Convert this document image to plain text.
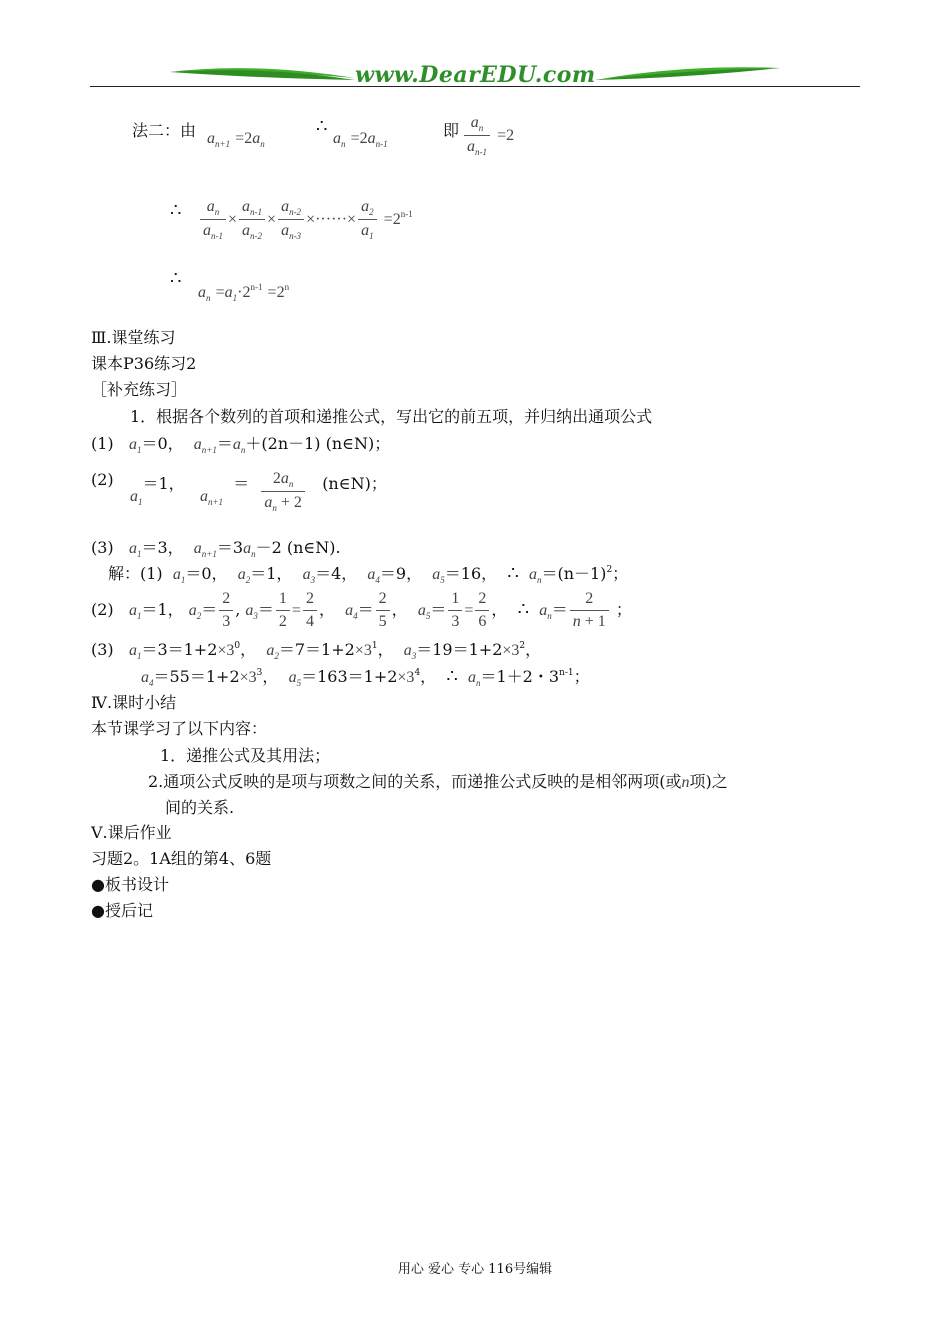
www.DearEDU.com
法二：由 $a_{n+1} =2a_n$
∴
$a_n =2a_{n-1}$
即 $\frac{a_n}{a_{n-1}} =2$
∴ $\frac{a_n}{a_{n-1}} \times \frac{a_{n-1}}{a_{n-2}} \times \frac{a_{n-2}}{a_{n-3}}$ ×······× $\frac{a_2}{a_1} =2^{n-1}$
∴
$a_n =a_1\cdot 2^{n-1} =2^n$
Ⅲ.课堂练习
课本P36练习2
［补充练习］
1．根据各个数列的首项和递推公式，写出它的前五项，并归纳出通项公式
(1) $a_1=0$， $a_{n+1}=a_n+(2n-1)$ (n∈N)；
(2)
$a_1=1$，   $a_{n+1} = \frac{2a_n}{a_n + 2}$ (n∈N)；
(3) $a_1=3$， $a_{n+1}=3a_n-2$ (n∈N).
解：(1) $a_1=0$， $a_2=1$， $a_3=4$， $a_4=9$， $a_5=16$， ∴ $a_n=(n-1)^2$；
(2) $a_1=1$， $a_2= \frac{2}{3}$ , $a_3= \frac{1}{2} = \frac{2}{4}$ ，  $a_4= \frac{2}{5}$ ，  $a_5= \frac{1}{3} = \frac{2}{6}$ ，  ∴ $a_n= \frac{2}{n + 1}$ ；
(3) $a_1=3=1+2\times 3^0$，  $a_2=7=1+2\times 3^1$，  $a_3=19=1+2\times 3^2$，
$a_4=55=1+2\times 3^3$，  $a_5=163=1+2\times 3^4$，  ∴ $a_n=1+2$・3$^{n-1}$；
Ⅳ.课时小结
本节课学习了以下内容：
1．递推公式及其用法；
2.通项公式反映的是项与项数之间的关系，而递推公式反映的是相邻两项(或n项)之
间的关系.
Ⅴ.课后作业
习题2。1A组的第4、6题
●板书设计
●授后记
用心 爱心 专心 116号编辑
